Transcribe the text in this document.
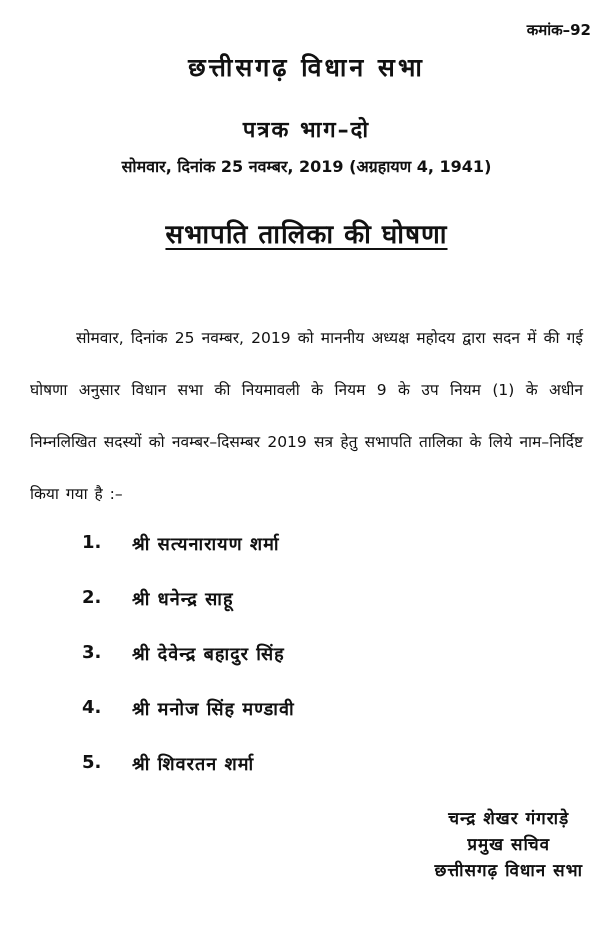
कमांक–92
छत्तीसगढ़ विधान सभा
पत्रक भाग–दो
सोमवार, दिनांक 25 नवम्बर, 2019 (अग्रहायण 4, 1941)
सभापति तालिका की घोषणा
सोमवार, दिनांक 25 नवम्बर, 2019 को माननीय अध्यक्ष महोदय द्वारा सदन में की गई घोषणा अनुसार विधान सभा की नियमावली के नियम 9 के उप नियम (1) के अधीन निम्नलिखित सदस्यों को नवम्बर–दिसम्बर 2019 सत्र हेतु सभापति तालिका के लिये नाम–निर्दिष्ट किया गया है :–
1.	श्री सत्यनारायण शर्मा
2.	श्री धनेन्द्र साहू
3.	श्री देवेन्द्र बहादुर सिंह
4.	श्री मनोज सिंह मण्डावी
5.	श्री शिवरतन शर्मा
चन्द्र शेखर गंगराड़े
प्रमुख सचिव
छत्तीसगढ़ विधान सभा
